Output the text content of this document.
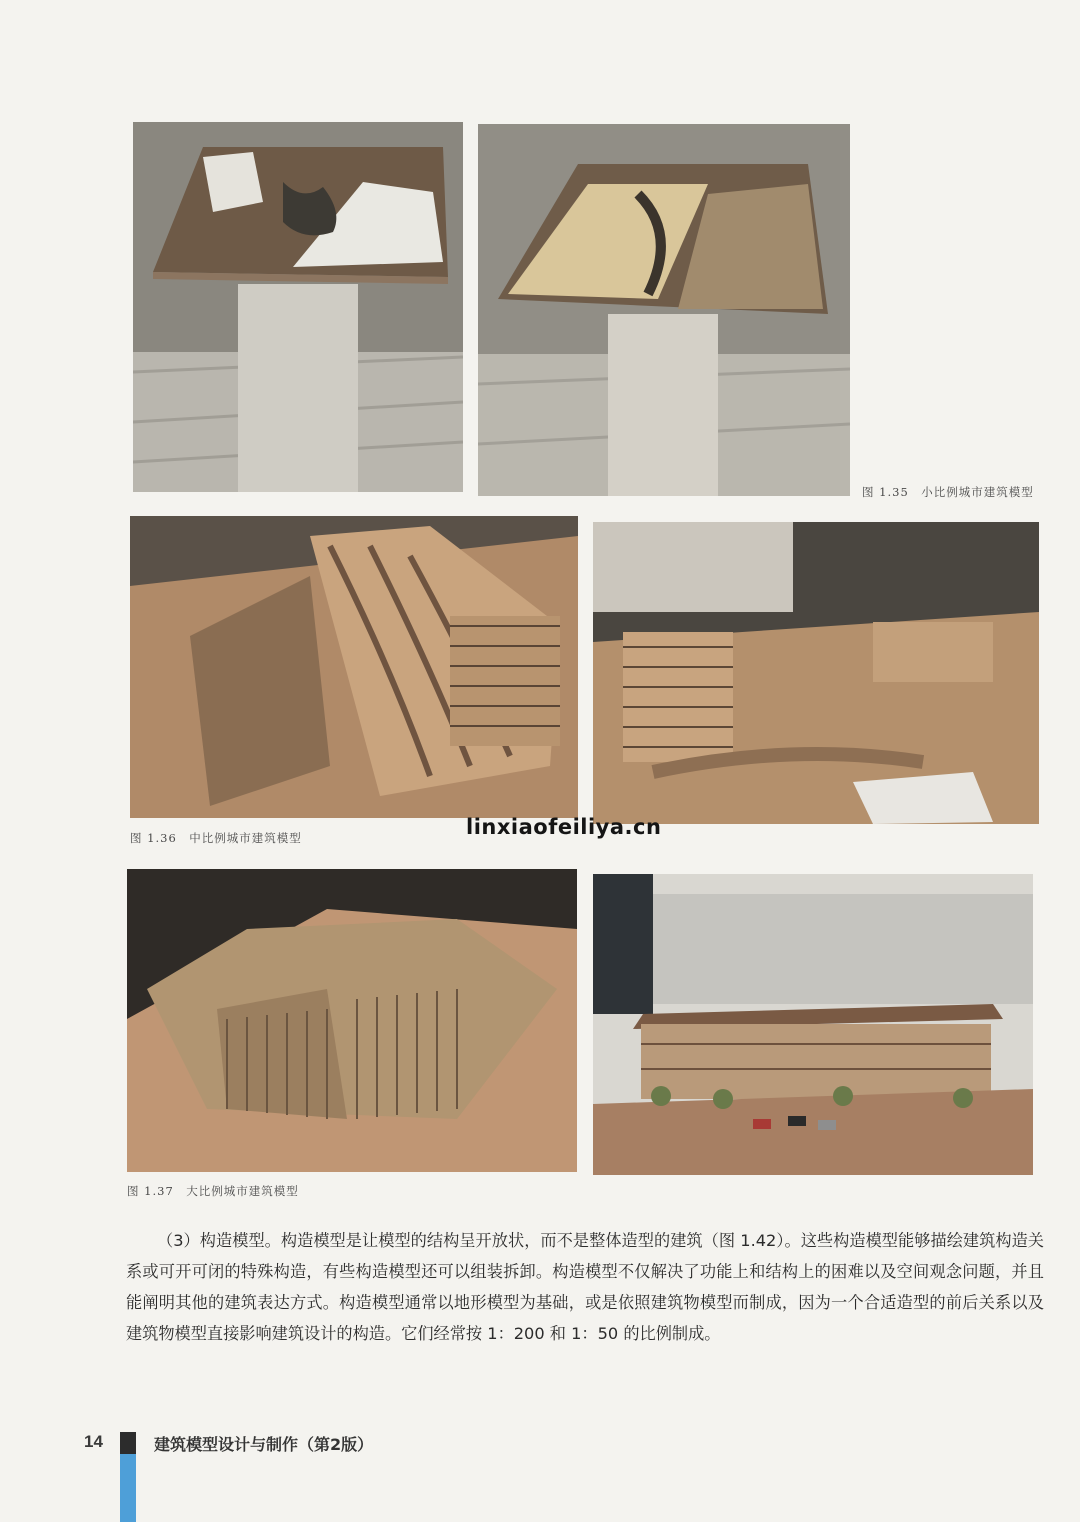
图 1.35　小比例城市建筑模型
图 1.36　中比例城市建筑模型	linxiaofeiliya.cn
图 1.37　大比例城市建筑模型

（3）构造模型。构造模型是让模型的结构呈开放状，而不是整体造型的建筑（图 1.42）。这些构造模型能够描绘建筑构造关系或可开可闭的特殊构造，有些构造模型还可以组装拆卸。构造模型不仅解决了功能上和结构上的困难以及空间观念问题，并且能阐明其他的建筑表达方式。构造模型通常以地形模型为基础，或是依照建筑物模型而制成，因为一个合适造型的前后关系以及建筑物模型直接影响建筑设计的构造。它们经常按 1：200 和 1：50 的比例制成。

14	建筑模型设计与制作（第2版）
